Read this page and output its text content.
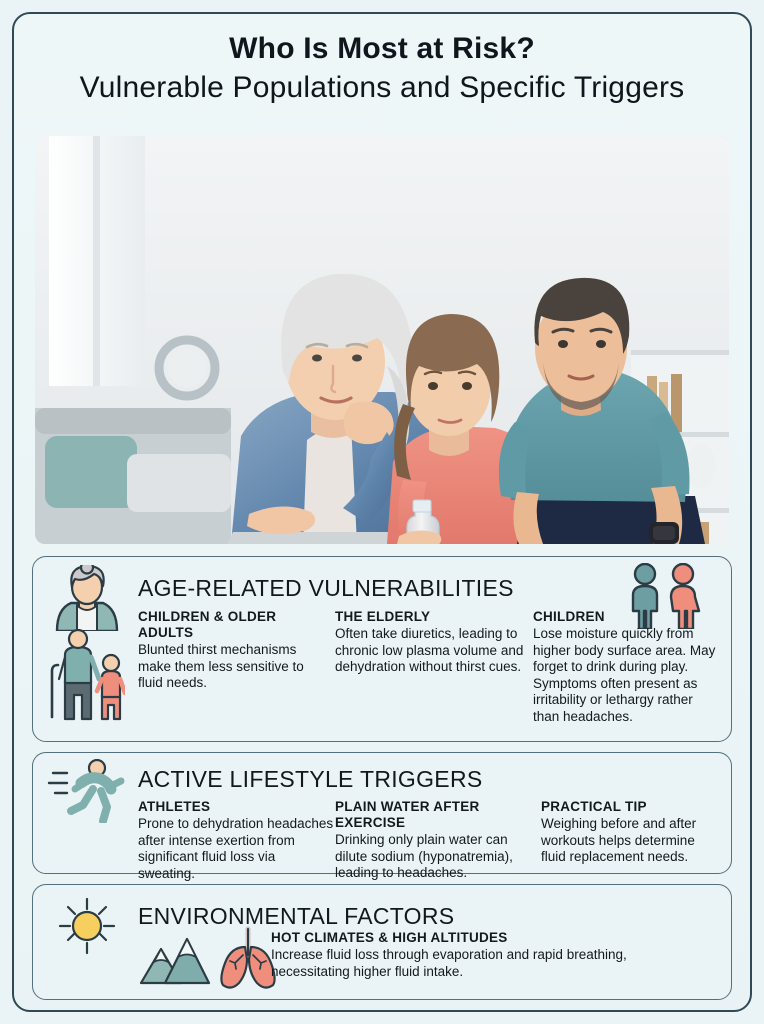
Who Is Most at Risk?
Vulnerable Populations and Specific Triggers
AGE-RELATED VULNERABILITIES
CHILDREN & OLDER ADULTS
Blunted thirst mechanisms make them less sensitive to fluid needs.
THE ELDERLY
Often take diuretics, leading to chronic low plasma volume and dehydration without thirst cues.
CHILDREN
Lose moisture quickly from higher body surface area. May forget to drink during play. Symptoms often present as irritability or lethargy rather than headaches.
ACTIVE LIFESTYLE TRIGGERS
ATHLETES
Prone to dehydration headaches after intense exertion from significant fluid loss via sweating.
PLAIN WATER AFTER EXERCISE
Drinking only plain water can dilute sodium (hyponatremia), leading to headaches.
PRACTICAL TIP
Weighing before and after workouts helps determine fluid replacement needs.
ENVIRONMENTAL FACTORS
HOT CLIMATES & HIGH ALTITUDES
Increase fluid loss through evaporation and rapid breathing, necessitating higher fluid intake.
